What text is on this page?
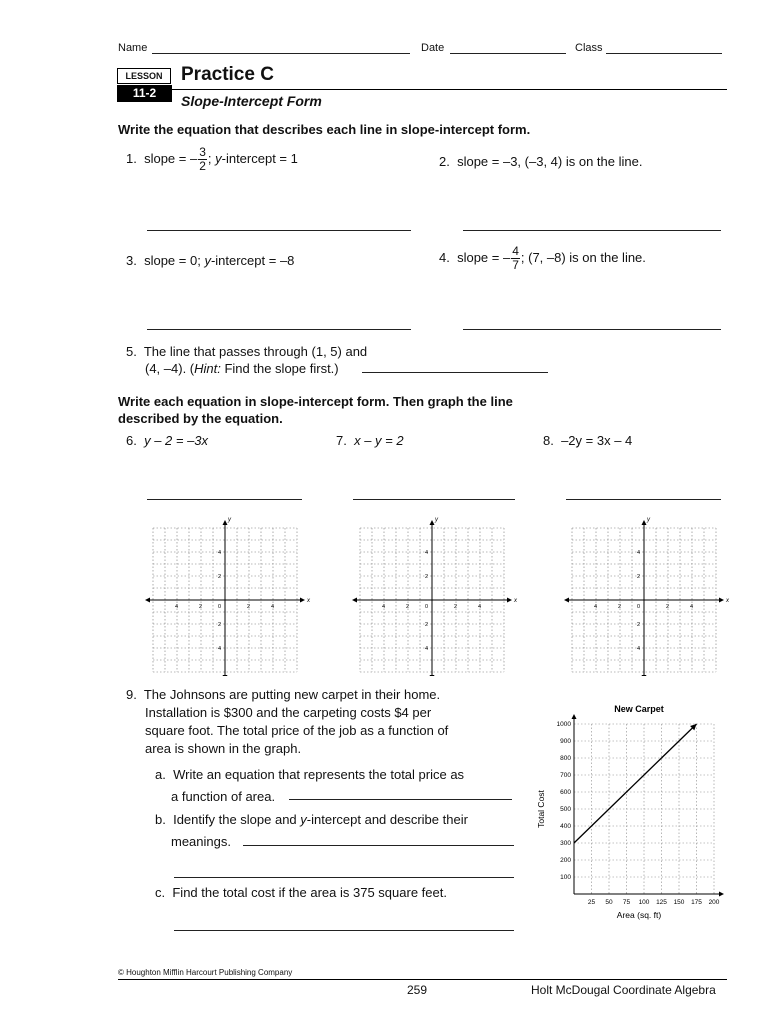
Name	Date	Class
LESSON
11-2
Practice C
Slope-Intercept Form
Write the equation that describes each line in slope-intercept form.
1. slope = – $\frac{3}{2}$ ; y-intercept = 1	2. slope = –3, (–3, 4) is on the line.
3. slope = 0; y-intercept = –8	4. slope = – $\frac{4}{7}$ ; (7, –8) is on the line.
5. The line that passes through (1, 5) and
(4, –4). (Hint: Find the slope first.)
Write each equation in slope-intercept form. Then graph the line
described by the equation.
6. y – 2 = –3x	7. x – y = 2	8. –2y = 3x – 4
y
x
4
4
2
2
2
2
4
4
0
y
x
4
4
2
2
2
2
4
4
0
y
x
4
4
2
2
2
2
4
4
0
9. The Johnsons are putting new carpet in their home.
Installation is $300 and the carpeting costs $4 per
square foot. The total price of the job as a function of
area is shown in the graph.
a. Write an equation that represents the total price as
a function of area.
b. Identify the slope and y-intercept and describe their
meanings.
c. Find the total cost if the area is 375 square feet.
New Carpet
25 50 75 100 125 150 175 200
100
200
300
400
500
600
700
800
900
1000
Area (sq. ft)
Total Cost
© Houghton Mifflin Harcourt Publishing Company
259	Holt McDougal Coordinate Algebra
